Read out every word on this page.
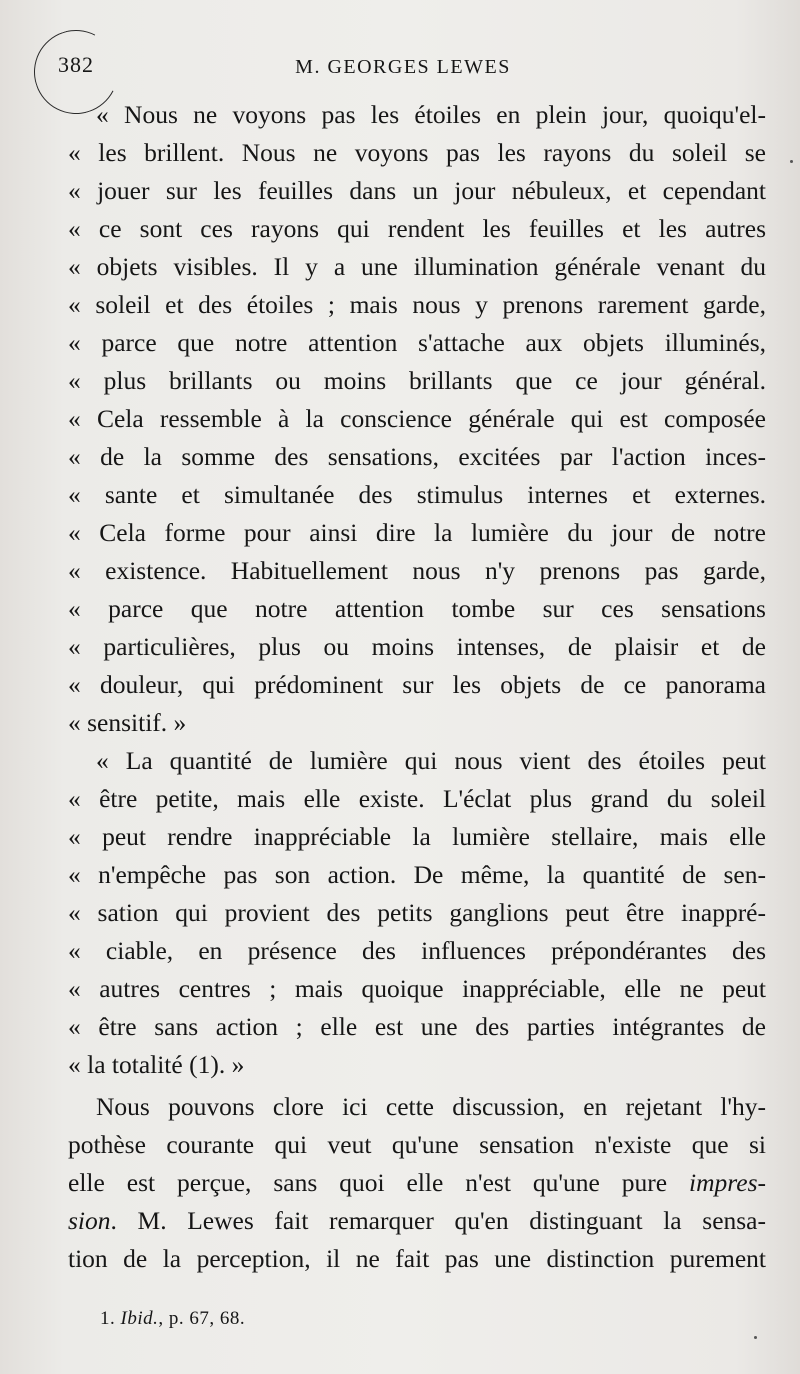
382	M. GEORGES LEWES
« Nous ne voyons pas les étoiles en plein jour, quoiqu'el-
« les brillent. Nous ne voyons pas les rayons du soleil se
« jouer sur les feuilles dans un jour nébuleux, et cependant
« ce sont ces rayons qui rendent les feuilles et les autres
« objets visibles. Il y a une illumination générale venant du
« soleil et des étoiles ; mais nous y prenons rarement garde,
« parce que notre attention s'attache aux objets illuminés,
« plus brillants ou moins brillants que ce jour général.
« Cela ressemble à la conscience générale qui est composée
« de la somme des sensations, excitées par l'action inces-
« sante et simultanée des stimulus internes et externes.
« Cela forme pour ainsi dire la lumière du jour de notre
« existence. Habituellement nous n'y prenons pas garde,
« parce que notre attention tombe sur ces sensations
« particulières, plus ou moins intenses, de plaisir et de
« douleur, qui prédominent sur les objets de ce panorama
« sensitif. »
« La quantité de lumière qui nous vient des étoiles peut
« être petite, mais elle existe. L'éclat plus grand du soleil
« peut rendre inappréciable la lumière stellaire, mais elle
« n'empêche pas son action. De même, la quantité de sen-
« sation qui provient des petits ganglions peut être inappré-
« ciable, en présence des influences prépondérantes des
« autres centres ; mais quoique inappréciable, elle ne peut
« être sans action ; elle est une des parties intégrantes de
« la totalité (1). »
Nous pouvons clore ici cette discussion, en rejetant l'hy-
pothèse courante qui veut qu'une sensation n'existe que si
elle est perçue, sans quoi elle n'est qu'une pure impres-
sion. M. Lewes fait remarquer qu'en distinguant la sensa-
tion de la perception, il ne fait pas une distinction purement
1. Ibid., p. 67, 68.
